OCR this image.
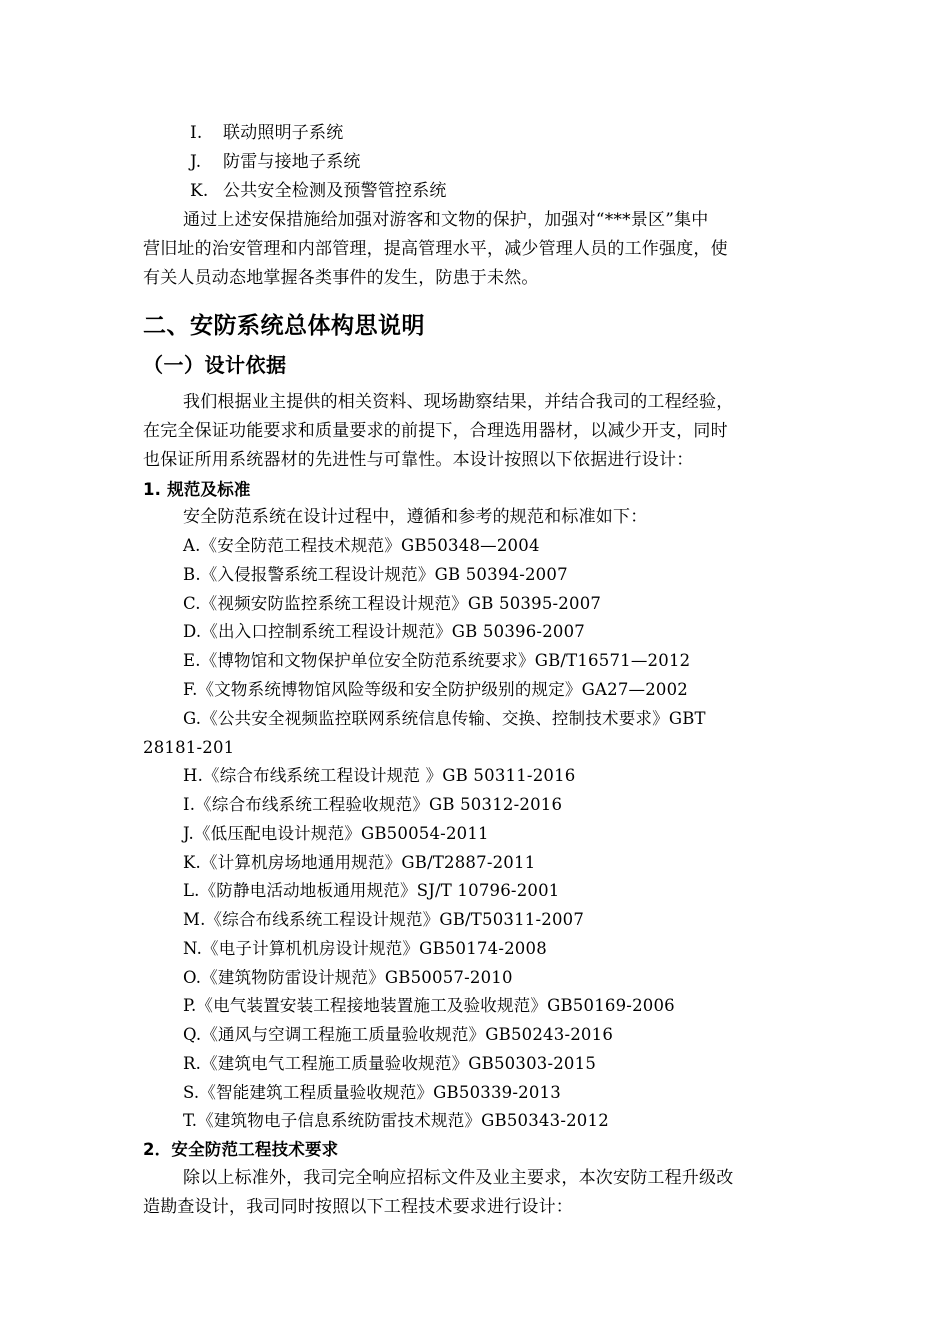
I. 联动照明子系统
J. 防雷与接地子系统
K. 公共安全检测及预警管控系统
通过上述安保措施给加强对游客和文物的保护，加强对“***景区”集中
营旧址的治安管理和内部管理，提高管理水平，减少管理人员的工作强度，使
有关人员动态地掌握各类事件的发生，防患于未然。
二、安防系统总体构思说明
（一）设计依据
我们根据业主提供的相关资料、现场勘察结果，并结合我司的工程经验，
在完全保证功能要求和质量要求的前提下，合理选用器材，以减少开支，同时
也保证所用系统器材的先进性与可靠性。本设计按照以下依据进行设计：
1. 规范及标准
安全防范系统在设计过程中，遵循和参考的规范和标准如下：
A.《安全防范工程技术规范》GB50348—2004
B.《入侵报警系统工程设计规范》GB 50394-2007
C.《视频安防监控系统工程设计规范》GB 50395-2007
D.《出入口控制系统工程设计规范》GB 50396-2007
E.《博物馆和文物保护单位安全防范系统要求》GB/T16571—2012
F.《文物系统博物馆风险等级和安全防护级别的规定》GA27—2002
G.《公共安全视频监控联网系统信息传输、交换、控制技术要求》GBT
28181-201
H.《综合布线系统工程设计规范 》GB 50311-2016
I.《综合布线系统工程验收规范》GB 50312-2016
J.《低压配电设计规范》GB50054-2011
K.《计算机房场地通用规范》GB/T2887-2011
L.《防静电活动地板通用规范》SJ/T 10796-2001
M.《综合布线系统工程设计规范》GB/T50311-2007
N.《电子计算机机房设计规范》GB50174-2008
O.《建筑物防雷设计规范》GB50057-2010
P.《电气装置安装工程接地装置施工及验收规范》GB50169-2006
Q.《通风与空调工程施工质量验收规范》GB50243-2016
R.《建筑电气工程施工质量验收规范》GB50303-2015
S.《智能建筑工程质量验收规范》GB50339-2013
T.《建筑物电子信息系统防雷技术规范》GB50343-2012
2．安全防范工程技术要求
除以上标准外，我司完全响应招标文件及业主要求，本次安防工程升级改
造勘查设计，我司同时按照以下工程技术要求进行设计：
